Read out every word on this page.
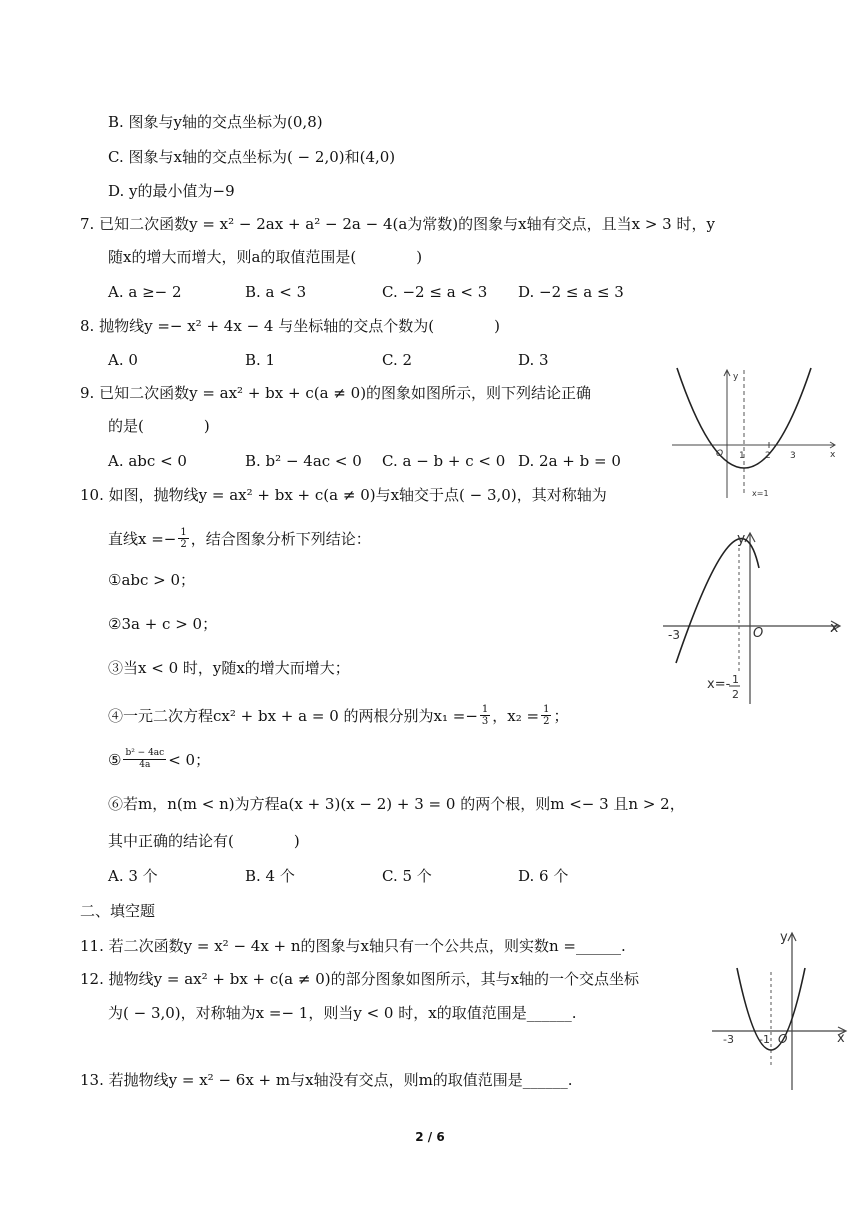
B. 图象与y轴的交点坐标为(0,8)
C. 图象与x轴的交点坐标为( − 2,0)和(4,0)
D. y的最小值为−9
7. 已知二次函数y = x² − 2ax + a² − 2a − 4(a为常数)的图象与x轴有交点，且当x > 3 时，y
随x的增大而增大，则a的取值范围是(　　　　)
A. a ≥− 2	B. a < 3	C. −2 ≤ a < 3 D. −2 ≤ a ≤ 3
8. 抛物线y =− x² + 4x − 4 与坐标轴的交点个数为(　　　　)
A. 0	B. 1	C. 2	D. 3
9. 已知二次函数y = ax² + bx + c(a ≠ 0)的图象如图所示，则下列结论正确
的是(　　　　)
A. abc < 0	B. b² − 4ac < 0 C. a − b + c < 0 D. 2a + b = 0
y
x
O 1 2 3
x=1
10. 如图，抛物线y = ax² + bx + c(a ≠ 0)与x轴交于点( − 3,0)，其对称轴为
直线$x =- \frac{1}{2}$ ，结合图象分析下列结论：
①abc > 0；
②3a + c > 0；
③当x < 0 时，y随x的增大而增大；
④一元二次方程cx² + bx + a = 0 的两根分别为$x_1 =- \frac{1}{3}$ ，$x_2 = \frac{1}{2}$ ；
⑤ $\frac{\text{b² − 4ac}}{4a} < 0$；
⑥若m，n(m < n)为方程a(x + 3)(x − 2) + 3 = 0 的两个根，则m <− 3 且n > 2，
其中正确的结论有(　　　　)
A. 3 个	B. 4 个	C. 5 个	D. 6 个
y
x
O
-3
x=- 1
2
二、填空题
11. 若二次函数y = x² − 4x + n的图象与x轴只有一个公共点，则实数n =______.
12. 抛物线y = ax² + bx + c(a ≠ 0)的部分图象如图所示，其与x轴的一个交点坐标
为( − 3,0)，对称轴为x =− 1，则当y < 0 时，x的取值范围是______.
y
x
O
-3 -1
13. 若抛物线y = x² − 6x + m与x轴没有交点，则m的取值范围是______.
2 / 6
